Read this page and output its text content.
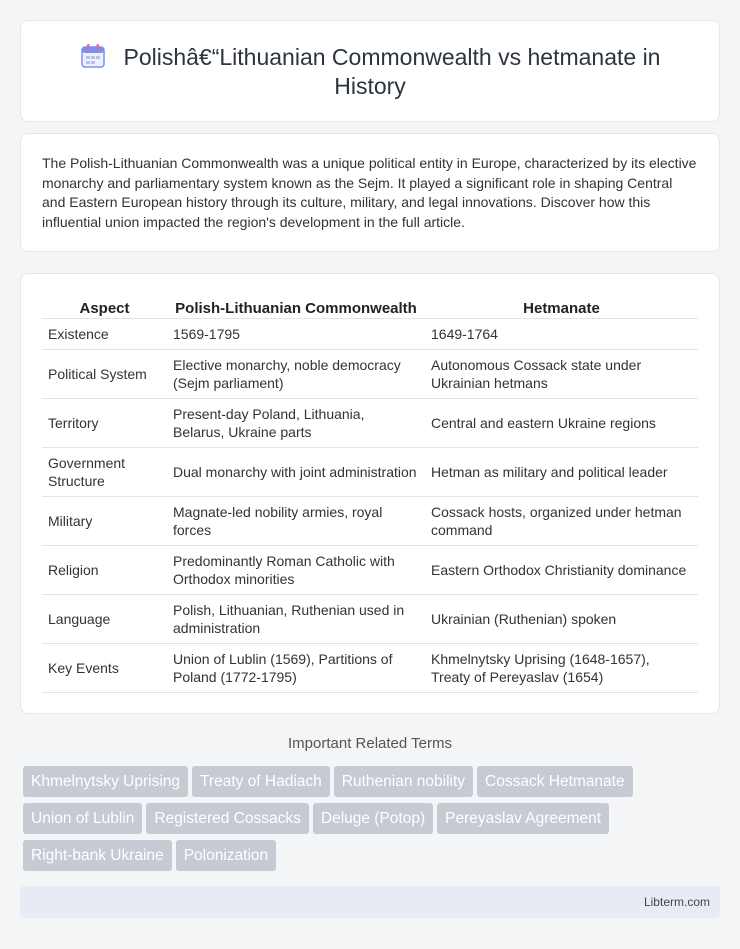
Polishâ€“Lithuanian Commonwealth vs hetmanate in History

The Polish-Lithuanian Commonwealth was a unique political entity in Europe, characterized by its elective monarchy and parliamentary system known as the Sejm. It played a significant role in shaping Central and Eastern European history through its culture, military, and legal innovations. Discover how this influential union impacted the region's development in the full article.

Aspect	Polish-Lithuanian Commonwealth	Hetmanate
Existence	1569-1795	1649-1764
Political System	Elective monarchy, noble democracy (Sejm parliament)	Autonomous Cossack state under Ukrainian hetmans
Territory	Present-day Poland, Lithuania, Belarus, Ukraine parts	Central and eastern Ukraine regions
Government Structure	Dual monarchy with joint administration	Hetman as military and political leader
Military	Magnate-led nobility armies, royal forces	Cossack hosts, organized under hetman command
Religion	Predominantly Roman Catholic with Orthodox minorities	Eastern Orthodox Christianity dominance
Language	Polish, Lithuanian, Ruthenian used in administration	Ukrainian (Ruthenian) spoken
Key Events	Union of Lublin (1569), Partitions of Poland (1772-1795)	Khmelnytsky Uprising (1648-1657), Treaty of Pereyaslav (1654)
Important Related Terms
Khmelnytsky Uprising Treaty of Hadiach Ruthenian nobility Cossack Hetmanate
Union of Lublin Registered Cossacks Deluge (Potop) Pereyaslav Agreement
Right-bank Ukraine Polonization
Libterm.com
